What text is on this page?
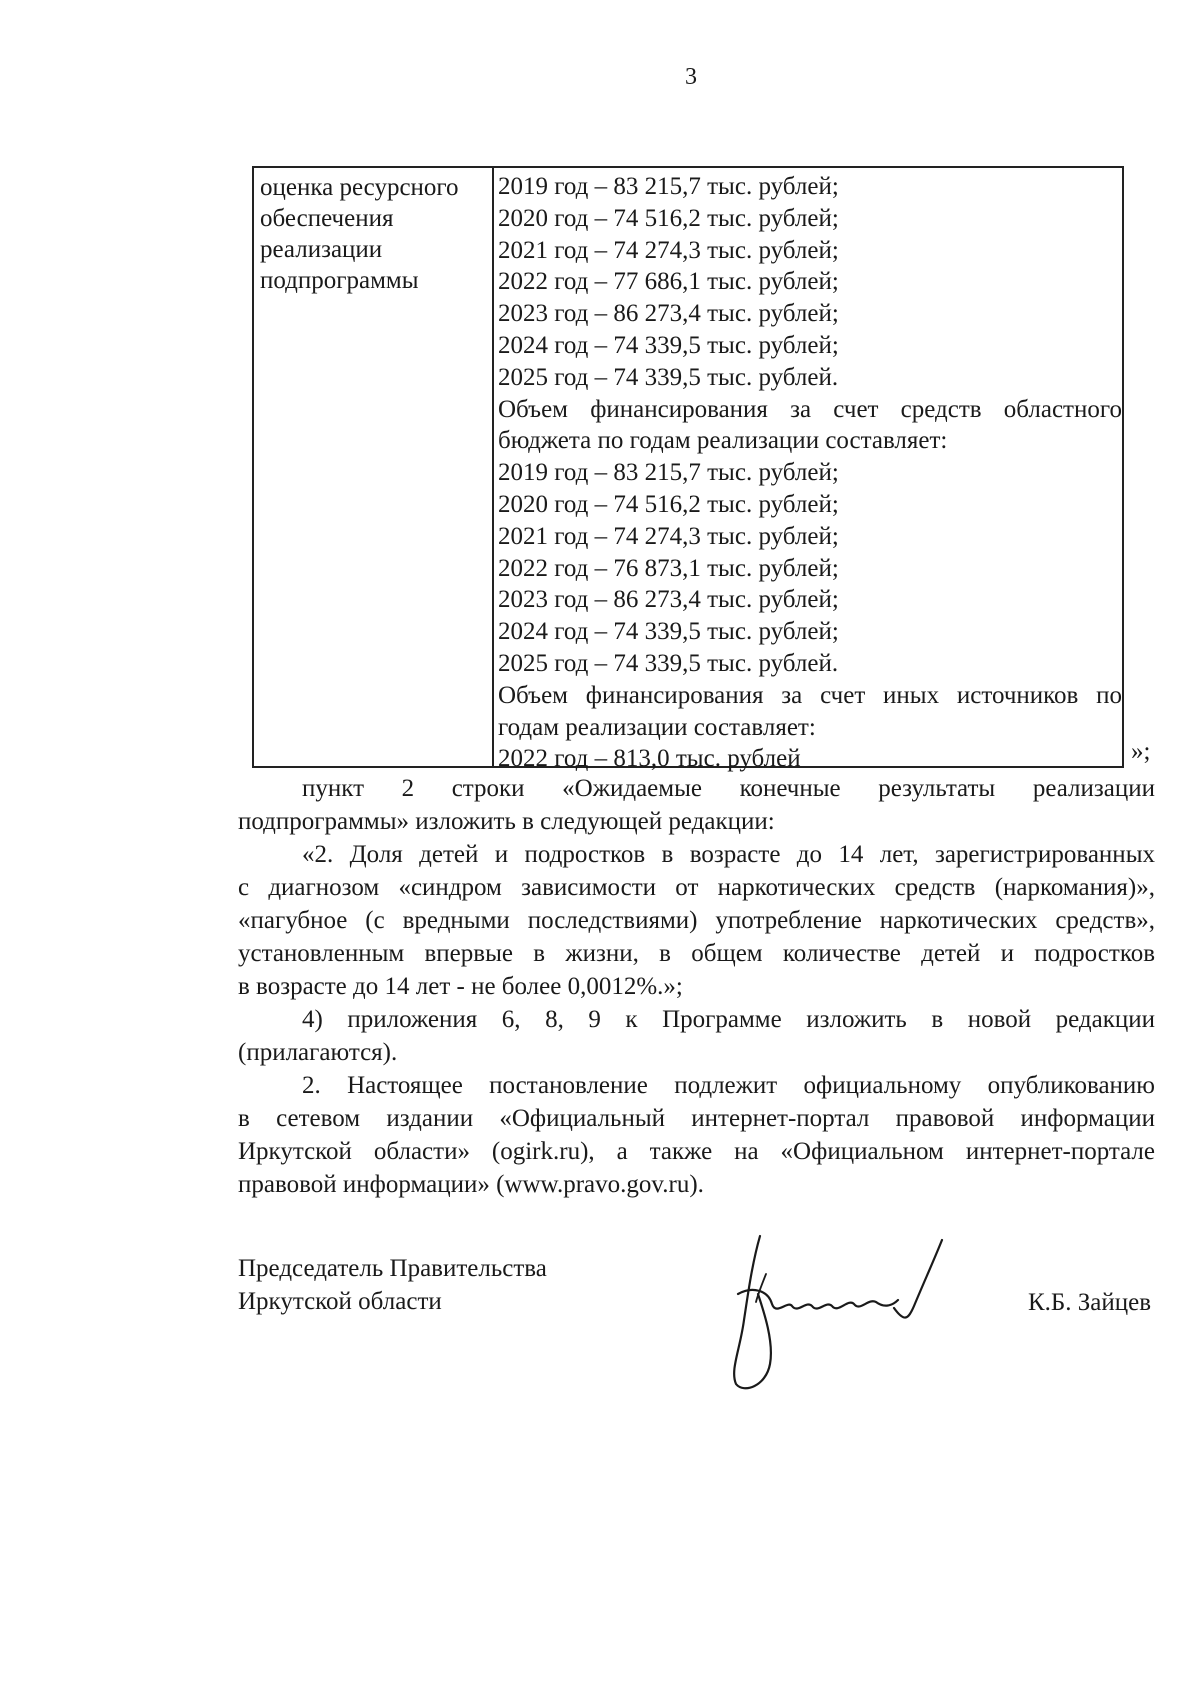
3
оценка ресурсного
обеспечения
реализации
подпрограммы
2019 год – 83 215,7 тыс. рублей;
2020 год – 74 516,2 тыс. рублей;
2021 год – 74 274,3 тыс. рублей;
2022 год – 77 686,1 тыс. рублей;
2023 год – 86 273,4 тыс. рублей;
2024 год – 74 339,5 тыс. рублей;
2025 год – 74 339,5 тыс. рублей.
Объем финансирования за счет средств областного
бюджета по годам реализации составляет:
2019 год – 83 215,7 тыс. рублей;
2020 год – 74 516,2 тыс. рублей;
2021 год – 74 274,3 тыс. рублей;
2022 год – 76 873,1 тыс. рублей;
2023 год – 86 273,4 тыс. рублей;
2024 год – 74 339,5 тыс. рублей;
2025 год – 74 339,5 тыс. рублей.
Объем финансирования за счет иных источников по
годам реализации составляет:
2022 год – 813,0 тыс. рублей	»;
пункт 2 строки «Ожидаемые конечные результаты реализации
подпрограммы» изложить в следующей редакции:
«2. Доля детей и подростков в возрасте до 14 лет, зарегистрированных
с диагнозом «синдром зависимости от наркотических средств (наркомания)»,
«пагубное (с вредными последствиями) употребление наркотических средств»,
установленным впервые в жизни, в общем количестве детей и подростков
в возрасте до 14 лет - не более 0,0012%.»;
4) приложения 6, 8, 9 к Программе изложить в новой редакции
(прилагаются).
2. Настоящее постановление подлежит официальному опубликованию
в сетевом издании «Официальный интернет-портал правовой информации
Иркутской области» (ogirk.ru), а также на «Официальном интернет-портале
правовой информации» (www.pravo.gov.ru).
Председатель Правительства
Иркутской области	К.Б. Зайцев
